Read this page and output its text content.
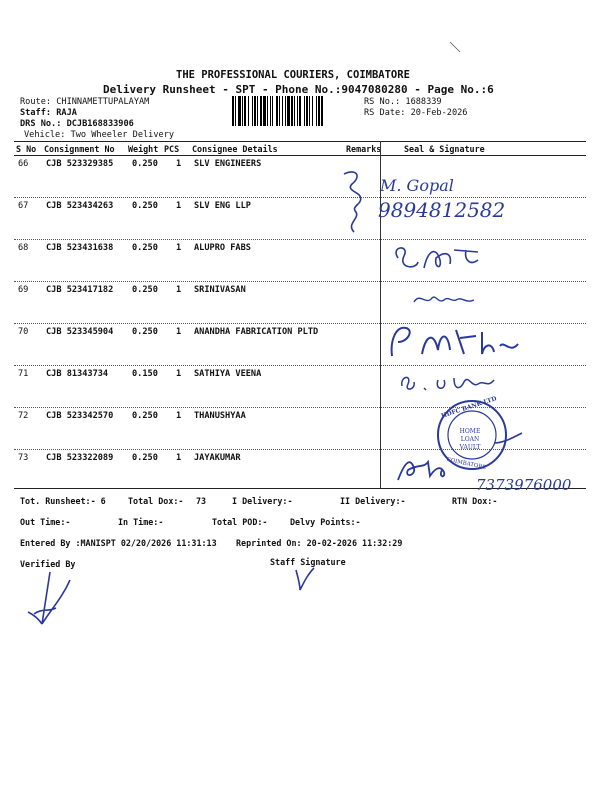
THE PROFESSIONAL COURIERS, COIMBATORE
Delivery Runsheet - SPT - Phone No.:9047080280 - Page No.:6
Route: CHINNAMETTUPALAYAM
Staff: RAJA
DRS No.: DCJB168833906
Vehicle: Two Wheeler Delivery
RS No.: 1688339
RS Date: 20-Feb-2026
S No Consignment No Weight PCS Consignee Details	Remarks	Seal & Signature
66 CJB 523329385 0.250 1 SLV ENGINEERS
67 CJB 523434263 0.250 1 SLV ENG LLP
68 CJB 523431638 0.250 1 ALUPRO FABS
69 CJB 523417182 0.250 1 SRINIVASAN
70 CJB 523345904 0.250 1 ANANDHA FABRICATION PLTD
71 CJB 81343734	0.150 1 SATHIYA VEENA
72 CJB 523342570 0.250 1 THANUSHYAA
73 CJB 523322089 0.250 1 JAYAKUMAR
M. Gopal
9894812582
HDFC BANK LTD
HOME LOAN VAULT
COIMBATORE
7373976000
Tot. Runsheet:- 6	Total Dox:- 73	I Delivery:-	II Delivery:-	RTN Dox:-
Out Time:-	In Time:-	Total POD:-	Delvy Points:-
Entered By :MANISPT 02/20/2026 11:31:13 Reprinted On: 20-02-2026 11:32:29
Verified By	Staff Signature
